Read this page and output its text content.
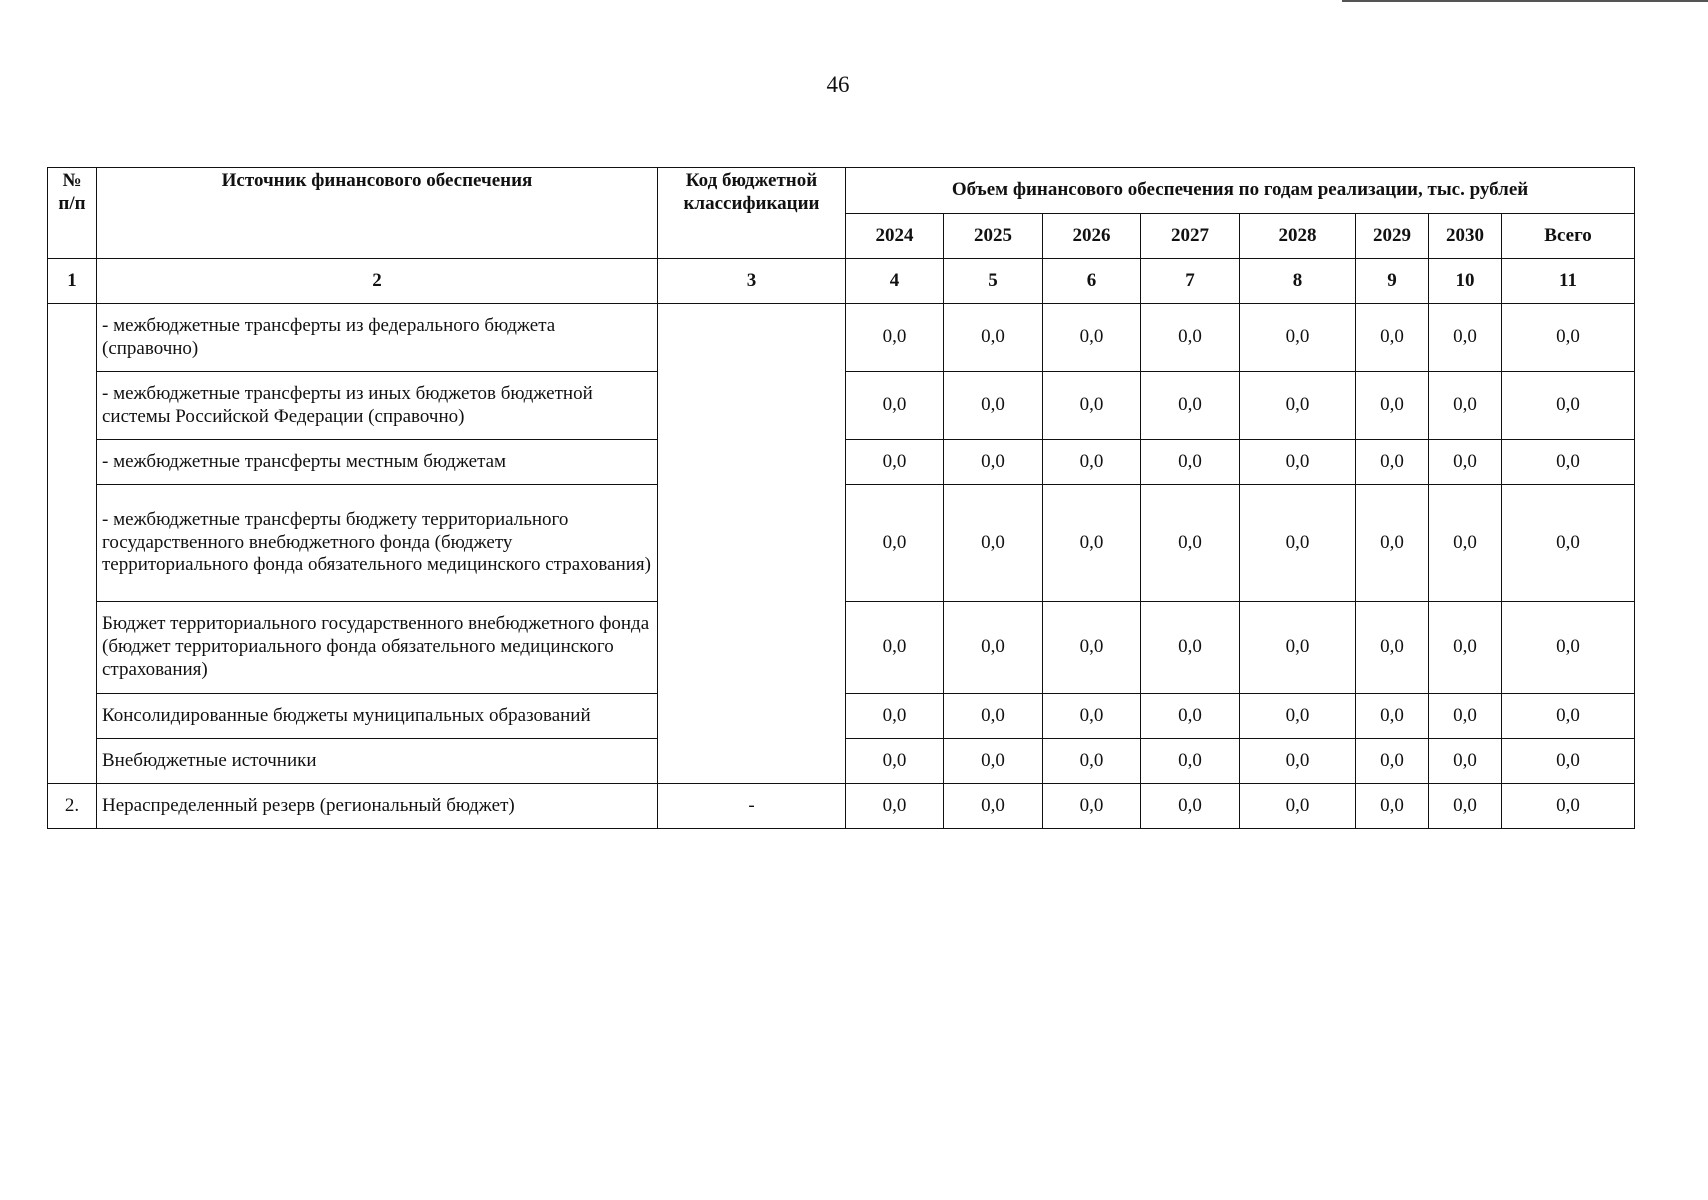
46
№ п/п	Источник финансового обеспечения	Код бюджетной классификации	Объем финансового обеспечения по годам реализации, тыс. рублей							
			2024	2025	2026	2027	2028	2029	2030	Всего
1	2	3	4	5	6	7	8	9	10	11
	- межбюджетные трансферты из федерального бюджета (справочно)		0,0	0,0	0,0	0,0	0,0	0,0	0,0	0,0
	- межбюджетные трансферты из иных бюджетов бюджетной системы Российской Федерации (справочно)		0,0	0,0	0,0	0,0	0,0	0,0	0,0	0,0
	- межбюджетные трансферты местным бюджетам		0,0	0,0	0,0	0,0	0,0	0,0	0,0	0,0
	- межбюджетные трансферты бюджету территориального государственного внебюджетного фонда (бюджету территориального фонда обязательного медицинского страхования)		0,0	0,0	0,0	0,0	0,0	0,0	0,0	0,0
	Бюджет территориального государственного внебюджетного фонда (бюджет территориального фонда обязательного медицинского страхования)		0,0	0,0	0,0	0,0	0,0	0,0	0,0	0,0
	Консолидированные бюджеты муниципальных образований		0,0	0,0	0,0	0,0	0,0	0,0	0,0	0,0
	Внебюджетные источники		0,0	0,0	0,0	0,0	0,0	0,0	0,0	0,0
2.	Нераспределенный резерв (региональный бюджет)	-	0,0	0,0	0,0	0,0	0,0	0,0	0,0	0,0
